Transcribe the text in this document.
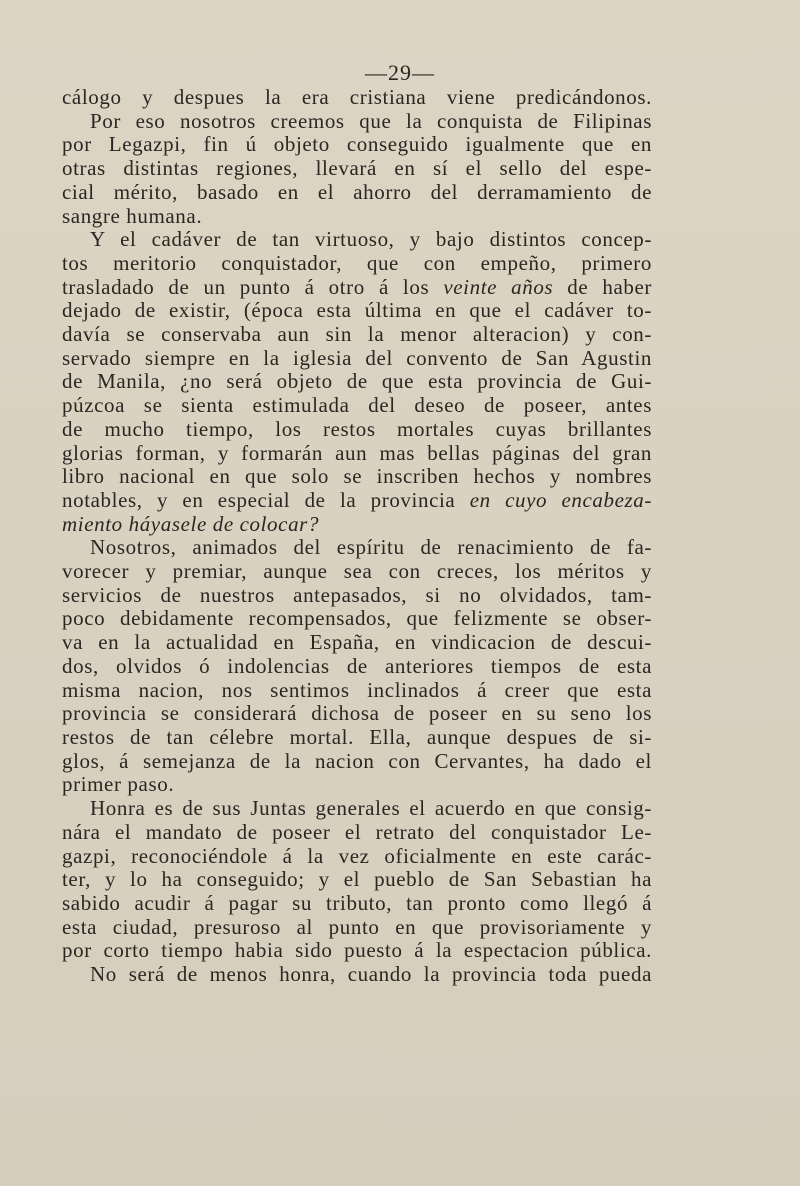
—29—
cálogo y despues la era cristiana viene predicándonos.
Por eso nosotros creemos que la conquista de Filipinas
por Legazpi, fin ú objeto conseguido igualmente que en
otras distintas regiones, llevará en sí el sello del espe-
cial mérito, basado en el ahorro del derramamiento de
sangre humana.
Y el cadáver de tan virtuoso, y bajo distintos concep-
tos meritorio conquistador, que con empeño, primero
trasladado de un punto á otro á los veinte años de haber
dejado de existir, (época esta última en que el cadáver to-
davía se conservaba aun sin la menor alteracion) y con-
servado siempre en la iglesia del convento de San Agustin
de Manila, ¿no será objeto de que esta provincia de Gui-
púzcoa se sienta estimulada del deseo de poseer, antes
de mucho tiempo, los restos mortales cuyas brillantes
glorias forman, y formarán aun mas bellas páginas del gran
libro nacional en que solo se inscriben hechos y nombres
notables, y en especial de la provincia en cuyo encabeza-
miento háyasele de colocar?
Nosotros, animados del espíritu de renacimiento de fa-
vorecer y premiar, aunque sea con creces, los méritos y
servicios de nuestros antepasados, si no olvidados, tam-
poco debidamente recompensados, que felizmente se obser-
va en la actualidad en España, en vindicacion de descui-
dos, olvidos ó indolencias de anteriores tiempos de esta
misma nacion, nos sentimos inclinados á creer que esta
provincia se considerará dichosa de poseer en su seno los
restos de tan célebre mortal. Ella, aunque despues de si-
glos, á semejanza de la nacion con Cervantes, ha dado el
primer paso.
Honra es de sus Juntas generales el acuerdo en que consig-
nára el mandato de poseer el retrato del conquistador Le-
gazpi, reconociéndole á la vez oficialmente en este carác-
ter, y lo ha conseguido; y el pueblo de San Sebastian ha
sabido acudir á pagar su tributo, tan pronto como llegó á
esta ciudad, presuroso al punto en que provisoriamente y
por corto tiempo habia sido puesto á la espectacion pública.
No será de menos honra, cuando la provincia toda pueda
